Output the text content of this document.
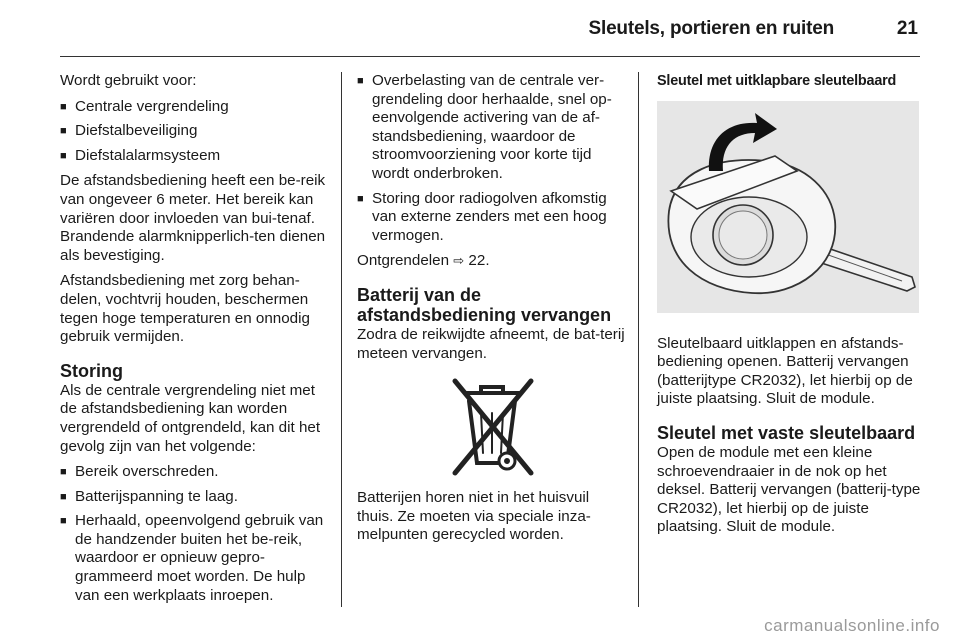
Sleutels, portieren en ruiten	21

Wordt gebruikt voor:

■ Centrale vergrendeling
■ Diefstalbeveiliging
■ Diefstalalarmsysteem

De afstandsbediening heeft een be-reik van ongeveer 6 meter. Het bereik kan variëren door invloeden van bui-tenaf. Brandende alarmknipperlich-ten dienen als bevestiging.

Afstandsbediening met zorg behan-delen, vochtvrij houden, beschermen tegen hoge temperaturen en onnodig gebruik vermijden.

Storing

Als de centrale vergrendeling niet met de afstandsbediening kan worden vergrendeld of ontgrendeld, kan dit het gevolg zijn van het volgende:

■ Bereik overschreden.
■ Batterijspanning te laag.
■ Herhaald, opeenvolgend gebruik van de handzender buiten het be-reik, waardoor er opnieuw gepro-grammeerd moet worden. De hulp van een werkplaats inroepen.
■ Overbelasting van de centrale ver-grendeling door herhaalde, snel op-eenvolgende activering van de af-standsbediening, waardoor de stroomvoorziening voor korte tijd wordt onderbroken.
■ Storing door radiogolven afkomstig van externe zenders met een hoog vermogen.

Ontgrendelen ⇨ 22.

Batterij van de afstandsbediening vervangen

Zodra de reikwijdte afneemt, de bat-terij meteen vervangen.

Batterijen horen niet in het huisvuil thuis. Ze moeten via speciale inza-melpunten gerecycled worden.

Sleutel met uitklapbare sleutelbaard

Sleutelbaard uitklappen en afstands-bediening openen. Batterij vervangen (batterijtype CR2032), let hierbij op de juiste plaatsing. Sluit de module.

Sleutel met vaste sleutelbaard

Open de module met een kleine schroevendraaier in de nok op het deksel. Batterij vervangen (batterij-type CR2032), let hierbij op de juiste plaatsing. Sluit de module.

carmanualsonline.info
